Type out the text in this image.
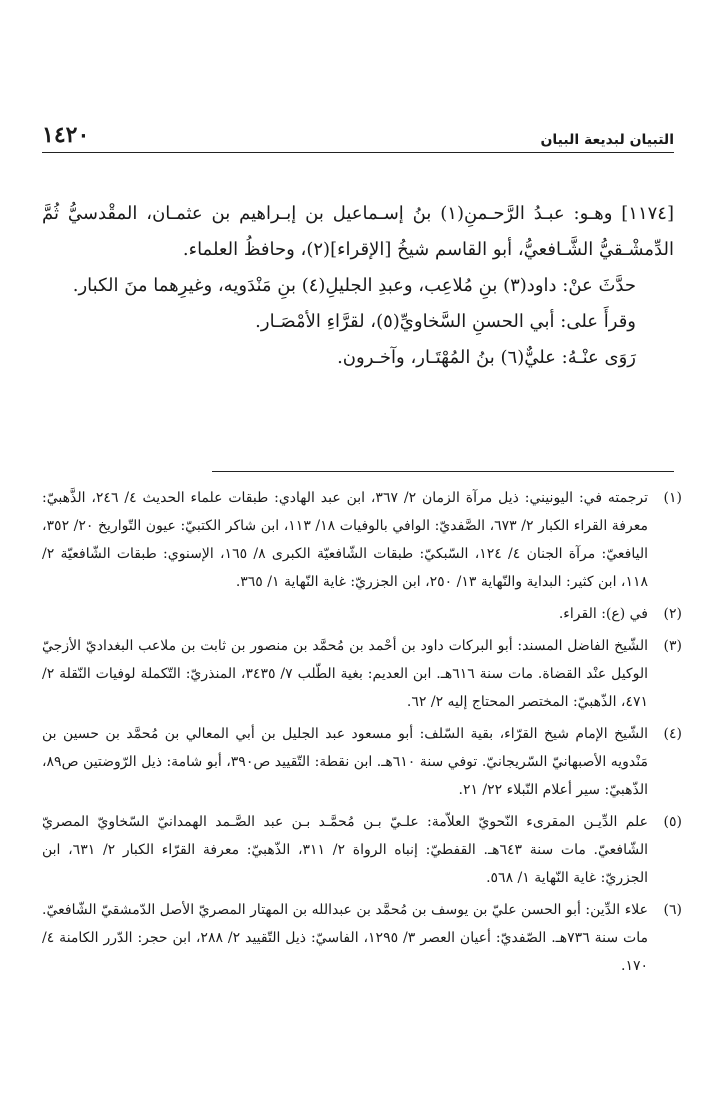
التبيان لبديعة البيان
١٤٢٠

[١١٧٤] وهـو: عبـدُ الرَّحـمنِ(١) بنُ إسـماعيل بن إبـراهيم بن عثمـان، المقْدسيُّ ثُمَّ الدِّمشْـقيُّ الشَّـافعيُّ، أبو القاسم شيخُ [الإقراء](٢)، وحافظُ العلماء.

حدَّثَ عنْ: داود(٣) بنِ مُلاعِب، وعبدِ الجليلِ(٤) بنِ مَنْدَويه، وغيرِهما منَ الكبار.

وقرأَ على: أبي الحسنِ السَّخاويِّ(٥)، لقرَّاءِ الأمْصَـار.

رَوَى عنْـهُ: عليٌّ(٦) بنُ المُهْتَـار، وآخـرون.

(١)
ترجمته في: اليونيني: ذيل مرآة الزمان ٢/ ٣٦٧، ابن عبد الهادي: طبقات علماء الحديث ٤/ ٢٤٦، الذَّهبيّ: معرفة القراء الكبار ٢/ ٦٧٣، الصَّفديّ: الوافي بالوفيات ١٨/ ١١٣، ابن شاكر الكتبيّ: عيون التّواريخ ٢٠/ ٣٥٢، اليافعيّ: مرآة الجنان ٤/ ١٢٤، السّبكيّ: طبقات الشّافعيّة الكبرى ٨/ ١٦٥، الإسنوي: طبقات الشّافعيّة ٢/ ١١٨، ابن كثير: البداية والنّهاية ١٣/ ٢٥٠، ابن الجزريّ: غاية النّهاية ١/ ٣٦٥.
(٢)
في (ع): القراء.
(٣)
الشّيخ الفاضل المسند: أبو البركات داود بن أحْمد بن مُحمَّد بن منصور بن ثابت بن ملاعب البغداديّ الأزجيّ الوكيل عنْد القضاة. مات سنة ٦١٦هـ. ابن العديم: بغية الطّلب ٧/ ٣٤٣٥، المنذريّ: التّكملة لوفيات النّقلة ٢/ ٤٧١، الذّهبيّ: المختصر المحتاج إليه ٢/ ٦٢.
(٤)
الشّيخ الإمام شيخ القرّاء، بقية السّلف: أبو مسعود عبد الجليل بن أبي المعالي بن مُحمَّد بن حسين بن مَنْدويه الأصبهانيّ السّريجانيّ. توفي سنة ٦١٠هـ. ابن نقطة: التّقييد ص٣٩٠، أبو شامة: ذيل الرّوضتين ص٨٩، الذّهبيّ: سير أعلام النّبلاء ٢٢/ ٢١.
(٥)
علم الدِّيـن المقرىء النّحويّ العلاّمة: علـيّ بـن مُحمَّـد بـن عبد الصَّـمد الهمدانيّ السّخاويّ المصريّ الشّافعيّ. مات سنة ٦٤٣هـ. القفطيّ: إنباه الرواة ٢/ ٣١١، الذّهبيّ: معرفة القرّاء الكبار ٢/ ٦٣١، ابن الجزريّ: غاية النّهاية ١/ ٥٦٨.
(٦)
علاء الدِّين: أبو الحسن عليّ بن يوسف بن مُحمَّد بن عبدالله بن المهتار المصريّ الأصل الدّمشقيّ الشّافعيّ. مات سنة ٧٣٦هـ. الصّفديّ: أعيان العصر ٣/ ١٢٩٥، الفاسيّ: ذيل التّقييد ٢/ ٢٨٨، ابن حجر: الدّرر الكامنة ٤/ ١٧٠.
